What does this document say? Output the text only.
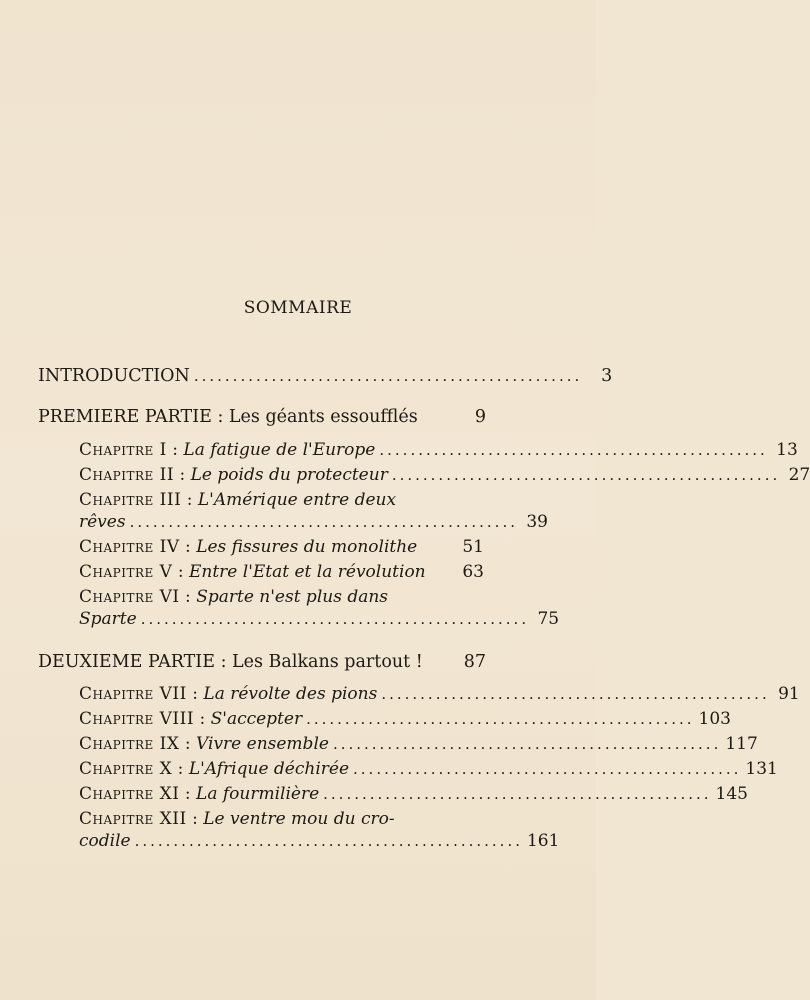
SOMMAIRE
INTRODUCTION ..................................................	3
PREMIERE PARTIE : Les géants essoufflés	9
Chapitre I : La fatigue de l'Europe .................................................. 13
Chapitre II : Le poids du protecteur .................................................. 27
Chapitre III : L'Amérique entre deux
rêves .................................................. 39
Chapitre IV : Les fissures du monolithe	51
Chapitre V : Entre l'Etat et la révolution 63
Chapitre VI : Sparte n'est plus dans
Sparte .................................................. 75
DEUXIEME PARTIE : Les Balkans partout ! 87
Chapitre VII : La révolte des pions .................................................. 91
Chapitre VIII : S'accepter .................................................. 103
Chapitre IX : Vivre ensemble .................................................. 117
Chapitre X : L'Afrique déchirée .................................................. 131
Chapitre XI : La fourmilière .................................................. 145
Chapitre XII : Le ventre mou du cro-
codile .................................................. 161
